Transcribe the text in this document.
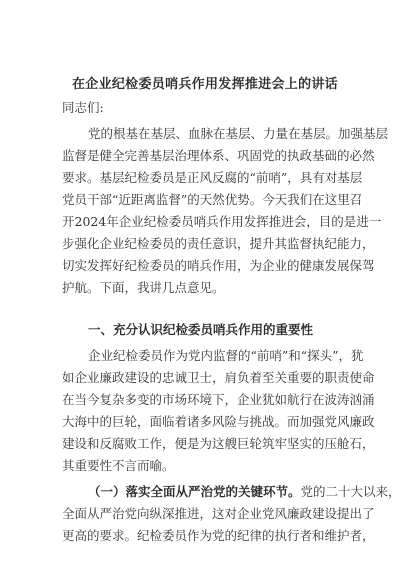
在企业纪检委员哨兵作用发挥推进会上的讲话
同志们:
党的根基在基层、血脉在基层、力量在基层。加强基层
监督是健全完善基层治理体系、巩固党的执政基础的必然
要求。基层纪检委员是正风反腐的“前哨”，具有对基层
党员干部“近距离监督”的天然优势。今天我们在这里召
开2024年企业纪检委员哨兵作用发挥推进会，目的是进一
步强化企业纪检委员的责任意识，提升其监督执纪能力，
切实发挥好纪检委员的哨兵作用，为企业的健康发展保驾
护航。下面，我讲几点意见。
一、充分认识纪检委员哨兵作用的重要性
企业纪检委员作为党内监督的“前哨”和“探头”，犹
如企业廉政建设的忠诚卫士，肩负着至关重要的职责使命
在当今复杂多变的市场环境下，企业犹如航行在波涛汹涌
大海中的巨轮，面临着诸多风险与挑战。而加强党风廉政
建设和反腐败工作，便是为这艘巨轮筑牢坚实的压舱石，
其重要性不言而喻。
（一）落实全面从严治党的关键环节。党的二十大以来，
全面从严治党向纵深推进，这对企业党风廉政建设提出了
更高的要求。纪检委员作为党的纪律的执行者和维护者，
